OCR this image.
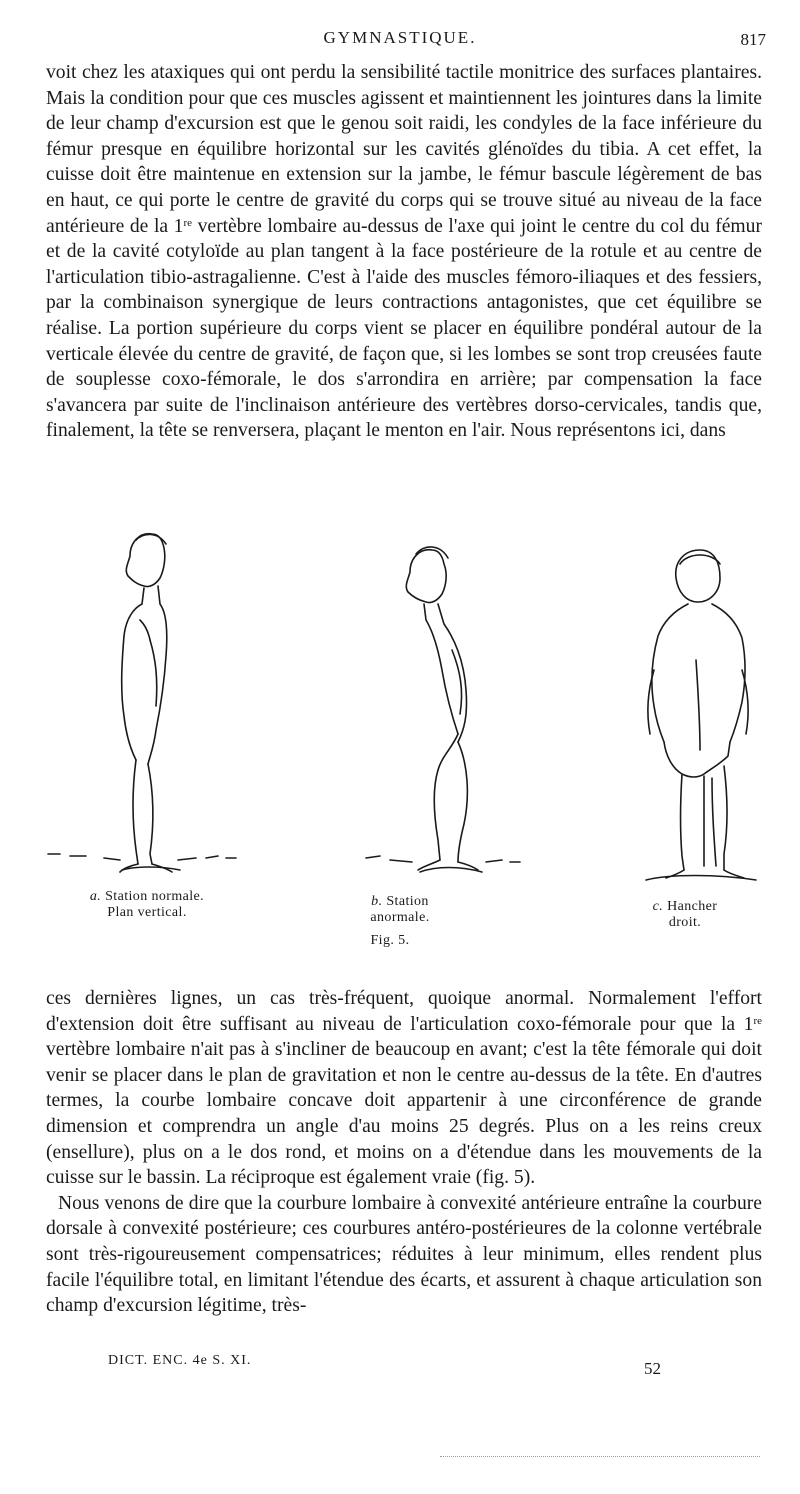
GYMNASTIQUE.	817

voit chez les ataxiques qui ont perdu la sensibilité tactile monitrice des surfaces plantaires. Mais la condition pour que ces muscles agissent et maintiennent les jointures dans la limite de leur champ d'excursion est que le genou soit raidi, les condyles de la face inférieure du fémur presque en équilibre horizontal sur les cavités glénoïdes du tibia. A cet effet, la cuisse doit être maintenue en extension sur la jambe, le fémur bascule légèrement de bas en haut, ce qui porte le centre de gravité du corps qui se trouve situé au niveau de la face antérieure de la 1re vertèbre lombaire au-dessus de l'axe qui joint le centre du col du fémur et de la cavité cotyloïde au plan tangent à la face postérieure de la rotule et au centre de l'articulation tibio-astragalienne. C'est à l'aide des muscles fémoro-iliaques et des fessiers, par la combinaison synergique de leurs contractions antagonistes, que cet équilibre se réalise. La portion supérieure du corps vient se placer en équilibre pondéral autour de la verticale élevée du centre de gravité, de façon que, si les lombes se sont trop creusées faute de souplesse coxo-fémorale, le dos s'arrondira en arrière; par compensation la face s'avancera par suite de l'inclinaison antérieure des vertèbres dorso-cervicales, tandis que, finalement, la tête se renversera, plaçant le menton en l'air. Nous représentons ici, dans

a. Station normale.
Plan vertical.
b. Station
anormale.
c. Hancher
droit.
Fig. 5.

ces dernières lignes, un cas très-fréquent, quoique anormal. Normalement l'effort d'extension doit être suffisant au niveau de l'articulation coxo-fémorale pour que la 1re vertèbre lombaire n'ait pas à s'incliner de beaucoup en avant; c'est la tête fémorale qui doit venir se placer dans le plan de gravitation et non le centre au-dessus de la tête. En d'autres termes, la courbe lombaire concave doit appartenir à une circonférence de grande dimension et comprendra un angle d'au moins 25 degrés. Plus on a les reins creux (ensellure), plus on a le dos rond, et moins on a d'étendue dans les mouvements de la cuisse sur le bassin. La réciproque est également vraie (fig. 5).

Nous venons de dire que la courbure lombaire à convexité antérieure entraîne la courbure dorsale à convexité postérieure; ces courbures antéro-postérieures de la colonne vertébrale sont très-rigoureusement compensatrices; réduites à leur minimum, elles rendent plus facile l'équilibre total, en limitant l'étendue des écarts, et assurent à chaque articulation son champ d'excursion légitime, très-

DICT. ENC. 4e S. XI.	52
